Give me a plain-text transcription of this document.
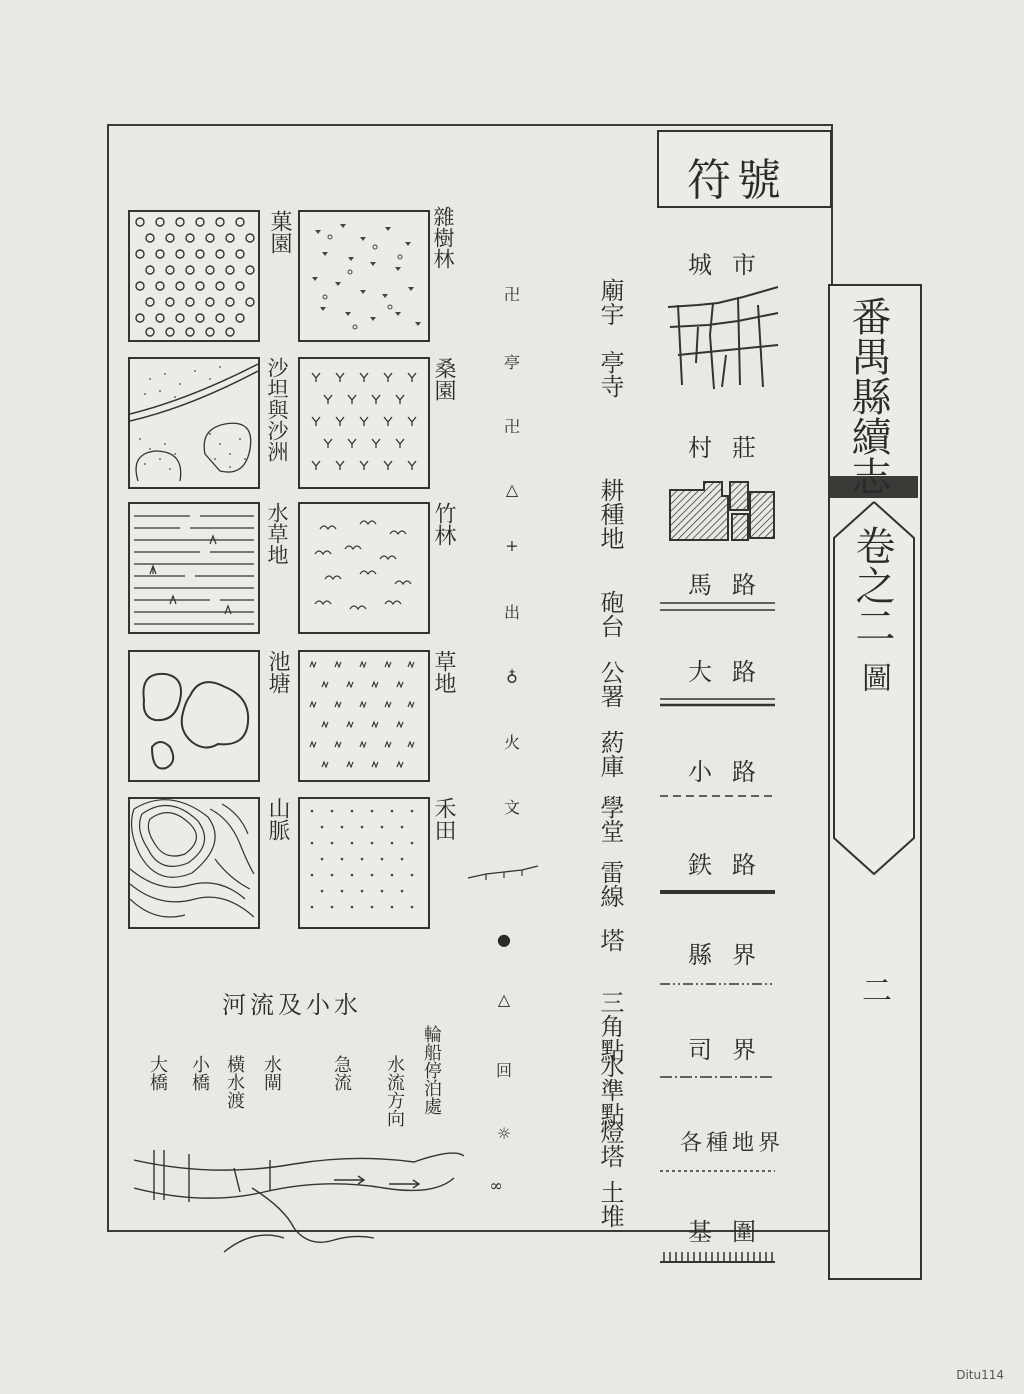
符號
番禺縣續志
卷之二
圖
二
菓園
沙坦與沙洲
水草地
池塘
山脈
雜樹林
桑園
竹林
草地
禾田
卍
亭
卍
△
+
出
♁
火
文
●
△
回
☼
∞
廟宇
亭寺
耕種地
砲台
公署
葯庫
學堂
雷線
塔
三角點
水準點
燈塔
土堆
城市
村莊
馬路
大路
小路
鉄路
縣界
司界
各種地界
基圍
河流及小水
大橋 小橋 橫水渡 水閘	急流 水流方向 輪船停泊處
Ditu114
